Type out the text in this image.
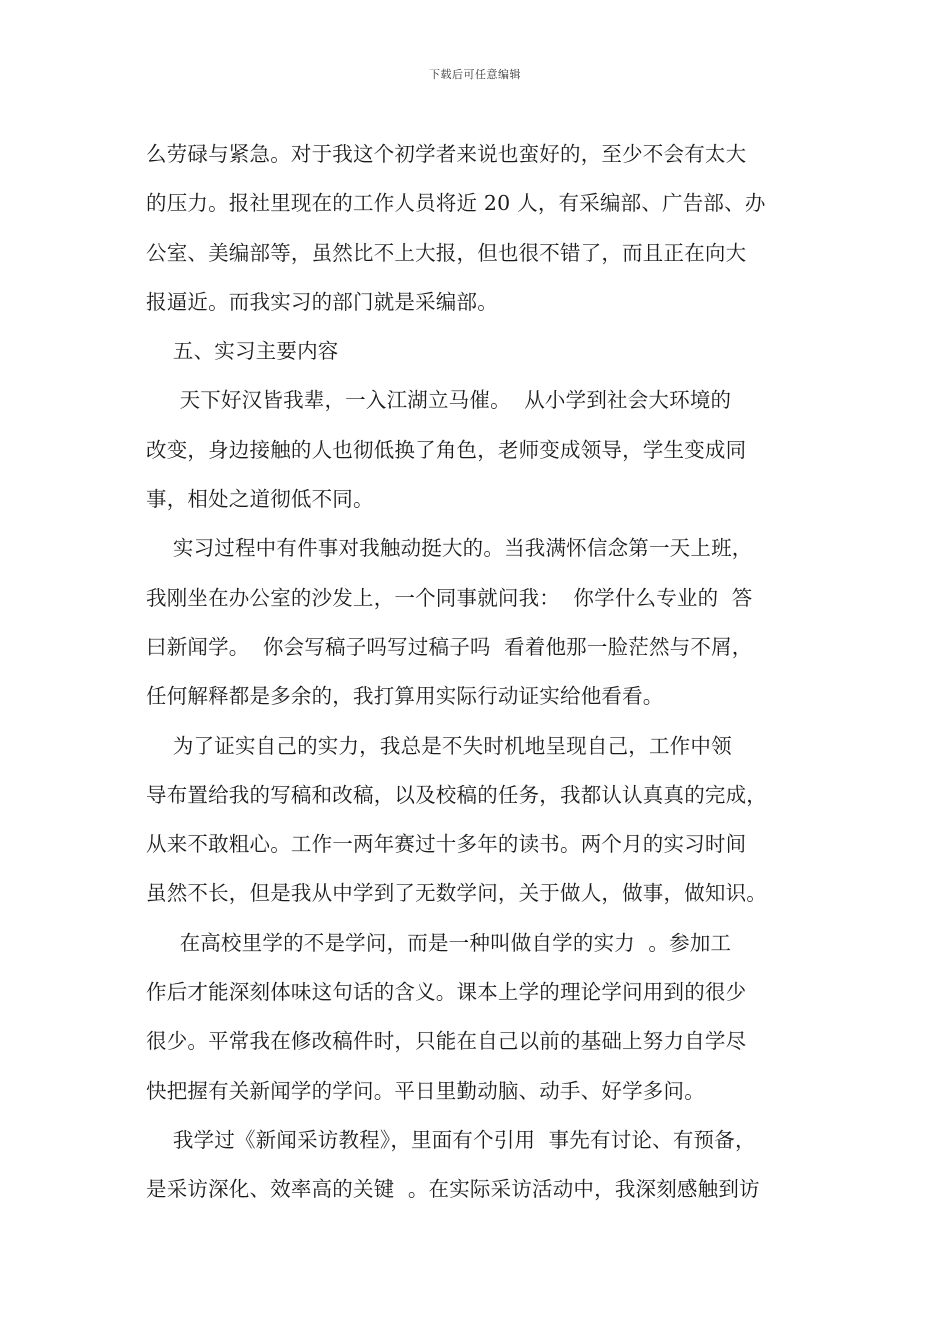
下载后可任意编辑
么劳碌与紧急。对于我这个初学者来说也蛮好的，至少不会有太大
的压力。报社里现在的工作人员将近 20 人，有采编部、广告部、办
公室、美编部等，虽然比不上大报，但也很不错了，而且正在向大
报逼近。而我实习的部门就是采编部。
五、实习主要内容
天下好汉皆我辈，一入江湖立马催。  从小学到社会大环境的
改变，身边接触的人也彻低换了角色，老师变成领导，学生变成同
事，相处之道彻低不同。
实习过程中有件事对我触动挺大的。当我满怀信念第一天上班，
我刚坐在办公室的沙发上，一个同事就问我：  你学什么专业的  答
曰新闻学。  你会写稿子吗写过稿子吗  看着他那一脸茫然与不屑，
任何解释都是多余的，我打算用实际行动证实给他看看。
为了证实自己的实力，我总是不失时机地呈现自己，工作中领
导布置给我的写稿和改稿，以及校稿的任务，我都认认真真的完成，
从来不敢粗心。工作一两年赛过十多年的读书。两个月的实习时间
虽然不长，但是我从中学到了无数学问，关于做人，做事，做知识。
在高校里学的不是学问，而是一种叫做自学的实力  。参加工
作后才能深刻体味这句话的含义。课本上学的理论学问用到的很少
很少。平常我在修改稿件时，只能在自己以前的基础上努力自学尽
快把握有关新闻学的学问。平日里勤动脑、动手、好学多问。
我学过《新闻采访教程》，里面有个引用  事先有讨论、有预备，
是采访深化、效率高的关键  。在实际采访活动中，我深刻感触到访
